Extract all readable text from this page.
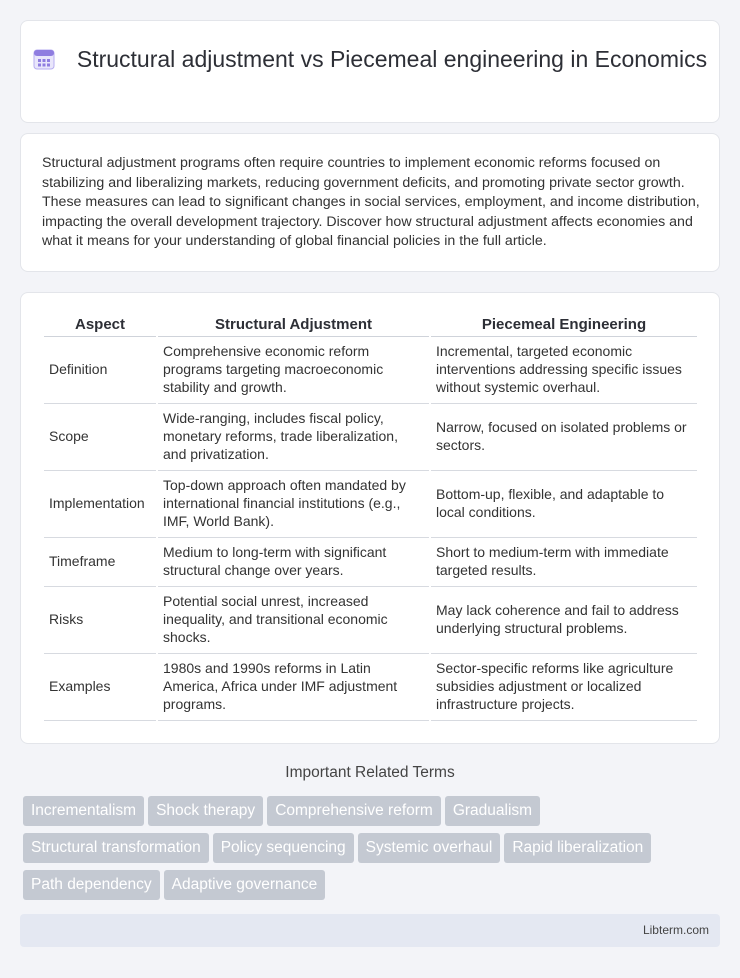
Structural adjustment vs Piecemeal engineering in Economics

Structural adjustment programs often require countries to implement economic reforms focused on stabilizing and liberalizing markets, reducing government deficits, and promoting private sector growth. These measures can lead to significant changes in social services, employment, and income distribution, impacting the overall development trajectory. Discover how structural adjustment affects economies and what it means for your understanding of global financial policies in the full article.

Aspect	Structural Adjustment	Piecemeal Engineering
Definition	Comprehensive economic reform programs targeting macroeconomic stability and growth.	Incremental, targeted economic interventions addressing specific issues without systemic overhaul.
Scope	Wide-ranging, includes fiscal policy, monetary reforms, trade liberalization, and privatization.	Narrow, focused on isolated problems or sectors.
Implementation	Top-down approach often mandated by international financial institutions (e.g., IMF, World Bank).	Bottom-up, flexible, and adaptable to local conditions.
Timeframe	Medium to long-term with significant structural change over years.	Short to medium-term with immediate targeted results.
Risks	Potential social unrest, increased inequality, and transitional economic shocks.	May lack coherence and fail to address underlying structural problems.
Examples	1980s and 1990s reforms in Latin America, Africa under IMF adjustment programs.	Sector-specific reforms like agriculture subsidies adjustment or localized infrastructure projects.
Important Related Terms
Incrementalism Shock therapy Comprehensive reform Gradualism
Structural transformation Policy sequencing Systemic overhaul Rapid liberalization
Path dependency Adaptive governance
Libterm.com
